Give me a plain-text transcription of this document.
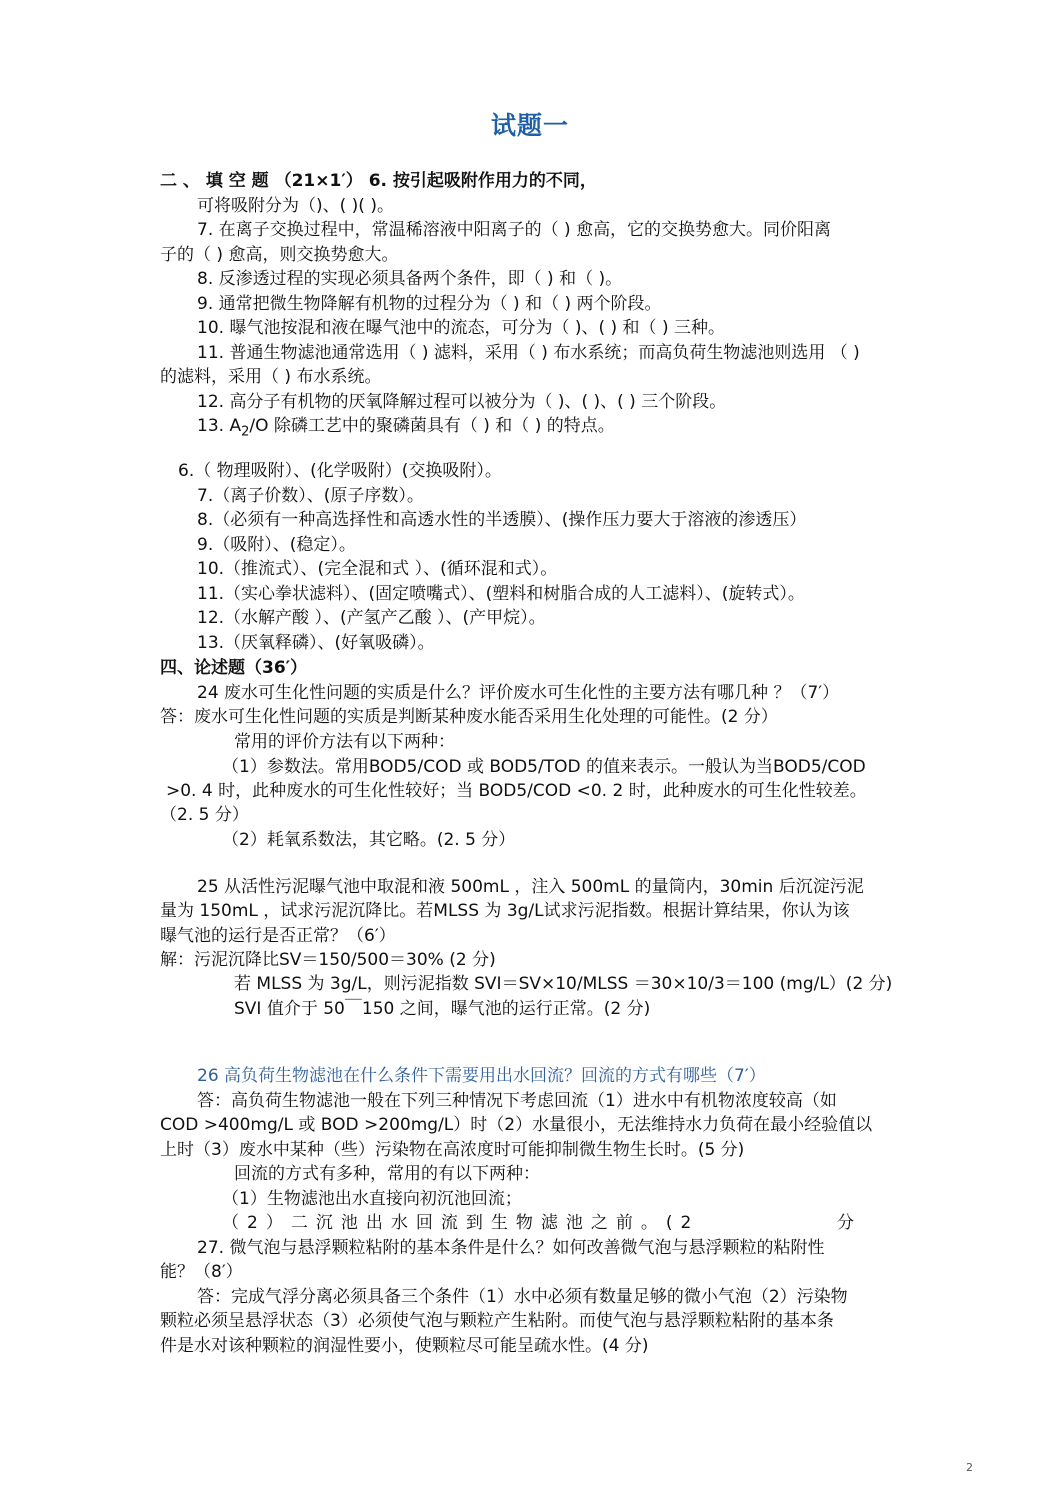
试题一

二 、 填 空 题 （21×1′） 6. 按引起吸附作用力的不同，

可将吸附分为（)、( )( )。

7. 在离子交换过程中，常温稀溶液中阳离子的（ ) 愈高，它的交换势愈大。同价阳离

子的（ ) 愈高，则交换势愈大。

8. 反渗透过程的实现必须具备两个条件，即（ ) 和（ )。

9. 通常把微生物降解有机物的过程分为（ ) 和（ ) 两个阶段。

10. 曝气池按混和液在曝气池中的流态，可分为（ )、( ) 和（ ) 三种。

11. 普通生物滤池通常选用（ ) 滤料，采用（ ) 布水系统；而高负荷生物滤池则选用 （ )

的滤料，采用（ ) 布水系统。

12. 高分子有机物的厌氧降解过程可以被分为（ )、( )、( ) 三个阶段。

13. $A_2/O$ 除磷工艺中的聚磷菌具有（ ) 和（ ) 的特点。

6.（ 物理吸附）、(化学吸附）(交换吸附）。

7.（离子价数）、(原子序数）。

8.（必须有一种高选择性和高透水性的半透膜）、(操作压力要大于溶液的渗透压）

9.（吸附）、(稳定）。

10.（推流式）、(完全混和式 ）、(循环混和式）。

11.（实心拳状滤料）、(固定喷嘴式）、(塑料和树脂合成的人工滤料）、(旋转式）。

12.（水解产酸 ）、(产氢产乙酸 ）、(产甲烷）。

13.（厌氧释磷）、(好氧吸磷）。

四、论述题（36′）

24 废水可生化性问题的实质是什么？评价废水可生化性的主要方法有哪几种 ？（7′）

答：废水可生化性问题的实质是判断某种废水能否采用生化处理的可能性。(2 分）

常用的评价方法有以下两种：

（1）参数法。常用BOD5/COD 或 BOD5/TOD 的值来表示。一般认为当BOD5/COD

>0. 4 时，此种废水的可生化性较好；当 BOD5/COD <0. 2 时，此种废水的可生化性较差。

（2. 5 分）

（2）耗氧系数法，其它略。(2. 5 分）

25 从活性污泥曝气池中取混和液 500mL ，注入 500mL 的量筒内，30min 后沉淀污泥

量为 150mL ，试求污泥沉降比。若MLSS 为 3g/L试求污泥指数。根据计算结果，你认为该

曝气池的运行是否正常？（6′）

解：污泥沉降比SV＝150/500＝30% (2 分)

若 MLSS 为 3g/L，则污泥指数 SVI＝SV×10/MLSS ＝30×10/3＝100 (mg/L）(2 分)

SVI 值介于 50￣150 之间，曝气池的运行正常。(2 分)

26 高负荷生物滤池在什么条件下需要用出水回流？回流的方式有哪些（7′）

答：高负荷生物滤池一般在下列三种情况下考虑回流（1）进水中有机物浓度较高（如

COD >400mg/L 或 BOD >200mg/L）时（2）水量很小，无法维持水力负荷在最小经验值以

上时（3）废水中某种（些）污染物在高浓度时可能抑制微生物生长时。(5 分)

回流的方式有多种，常用的有以下两种：

（1）生物滤池出水直接向初沉池回流；

（2）二沉池出水回流到生物滤池之前。(2	分

27. 微气泡与悬浮颗粒粘附的基本条件是什么？如何改善微气泡与悬浮颗粒的粘附性

能？（8′）

答：完成气浮分离必须具备三个条件（1）水中必须有数量足够的微小气泡（2）污染物

颗粒必须呈悬浮状态（3）必须使气泡与颗粒产生粘附。而使气泡与悬浮颗粒粘附的基本条

件是水对该种颗粒的润湿性要小，使颗粒尽可能呈疏水性。(4 分)

2
